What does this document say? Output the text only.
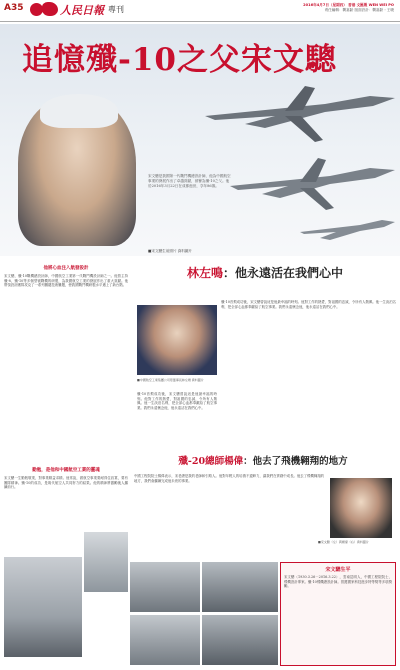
A35	人民日報 專刊	2016年4月7日（星期四） 香港 文匯報 WEN WEI PO
責任編輯：龔嘉齡 版面設計：龔嘉齡・王曉
追憶殲-10之父宋文驄
宋文驄是我國第一代戰鬥機總設計師，他為中國航空事業的發展作出了卓越貢獻，被譽為殲-10之父。他於2016年3月22日在成都逝世，享年86歲。
■宋文驄生前照片 資料圖片
他將心血注入航發設計
宋文驄，殲-10戰機總設計師，中國航空工業第一代戰鬥機設計師之一。他曾主持殲-8、殲-10等多個型號戰機的研製，為我國航空工業的發展作出了重大貢獻。他帶領設計團隊攻克了一系列關鍵技術難題，使我國戰鬥機研製水平邁上了新台階。
勤勉，是他和中國航空工業的靈魂
宋文驄一生勤勉敬業，對事業精益求精。他常說，做航空事業要耐得住寂寞，要有團隊精神。殲-10的成功，是幾代航空人共同努力的結果。他的精神將激勵後人繼續前行。
林左鳴：他永遠活在我們心中
■中國航空工業集團公司原董事長林左鳴 資料圖片
殲-10首飛成功後，宋文驄曾說這是他最幸福的時刻。他對工作的熱愛，對祖國的忠誠，令所有人敬佩。他一生淡泊名利，把全部心血都奉獻給了航空事業。我們永遠懷念他，他永遠活在我們心中。
殲-10首飛成功後，宋文驄曾說這是他最幸福的時刻。他對工作的熱愛，對祖國的忠誠，令所有人敬佩。他一生淡泊名利，把全部心血都奉獻給了航空事業。我們永遠懷念他，他永遠活在我們心中。
殲-20總師楊偉：他去了飛機翱翔的地方
中國工程院院士楊偉表示，宋老總是我的老師和引路人。他對年輕人的培養不遺餘力，讓我們在實踐中成長。他去了飛機翱翔的地方，我們會繼續完成他未竟的事業。
■宋文驄（左）與楊偉（右）資料圖片
宋文驄生平
宋文驄（1930.3.26－2016.3.22），雲南昆明人，中國工程院院士，飛機設計專家。殲-10飛機總設計師。曾獲國家科技進步特等獎等多項獎勵。
